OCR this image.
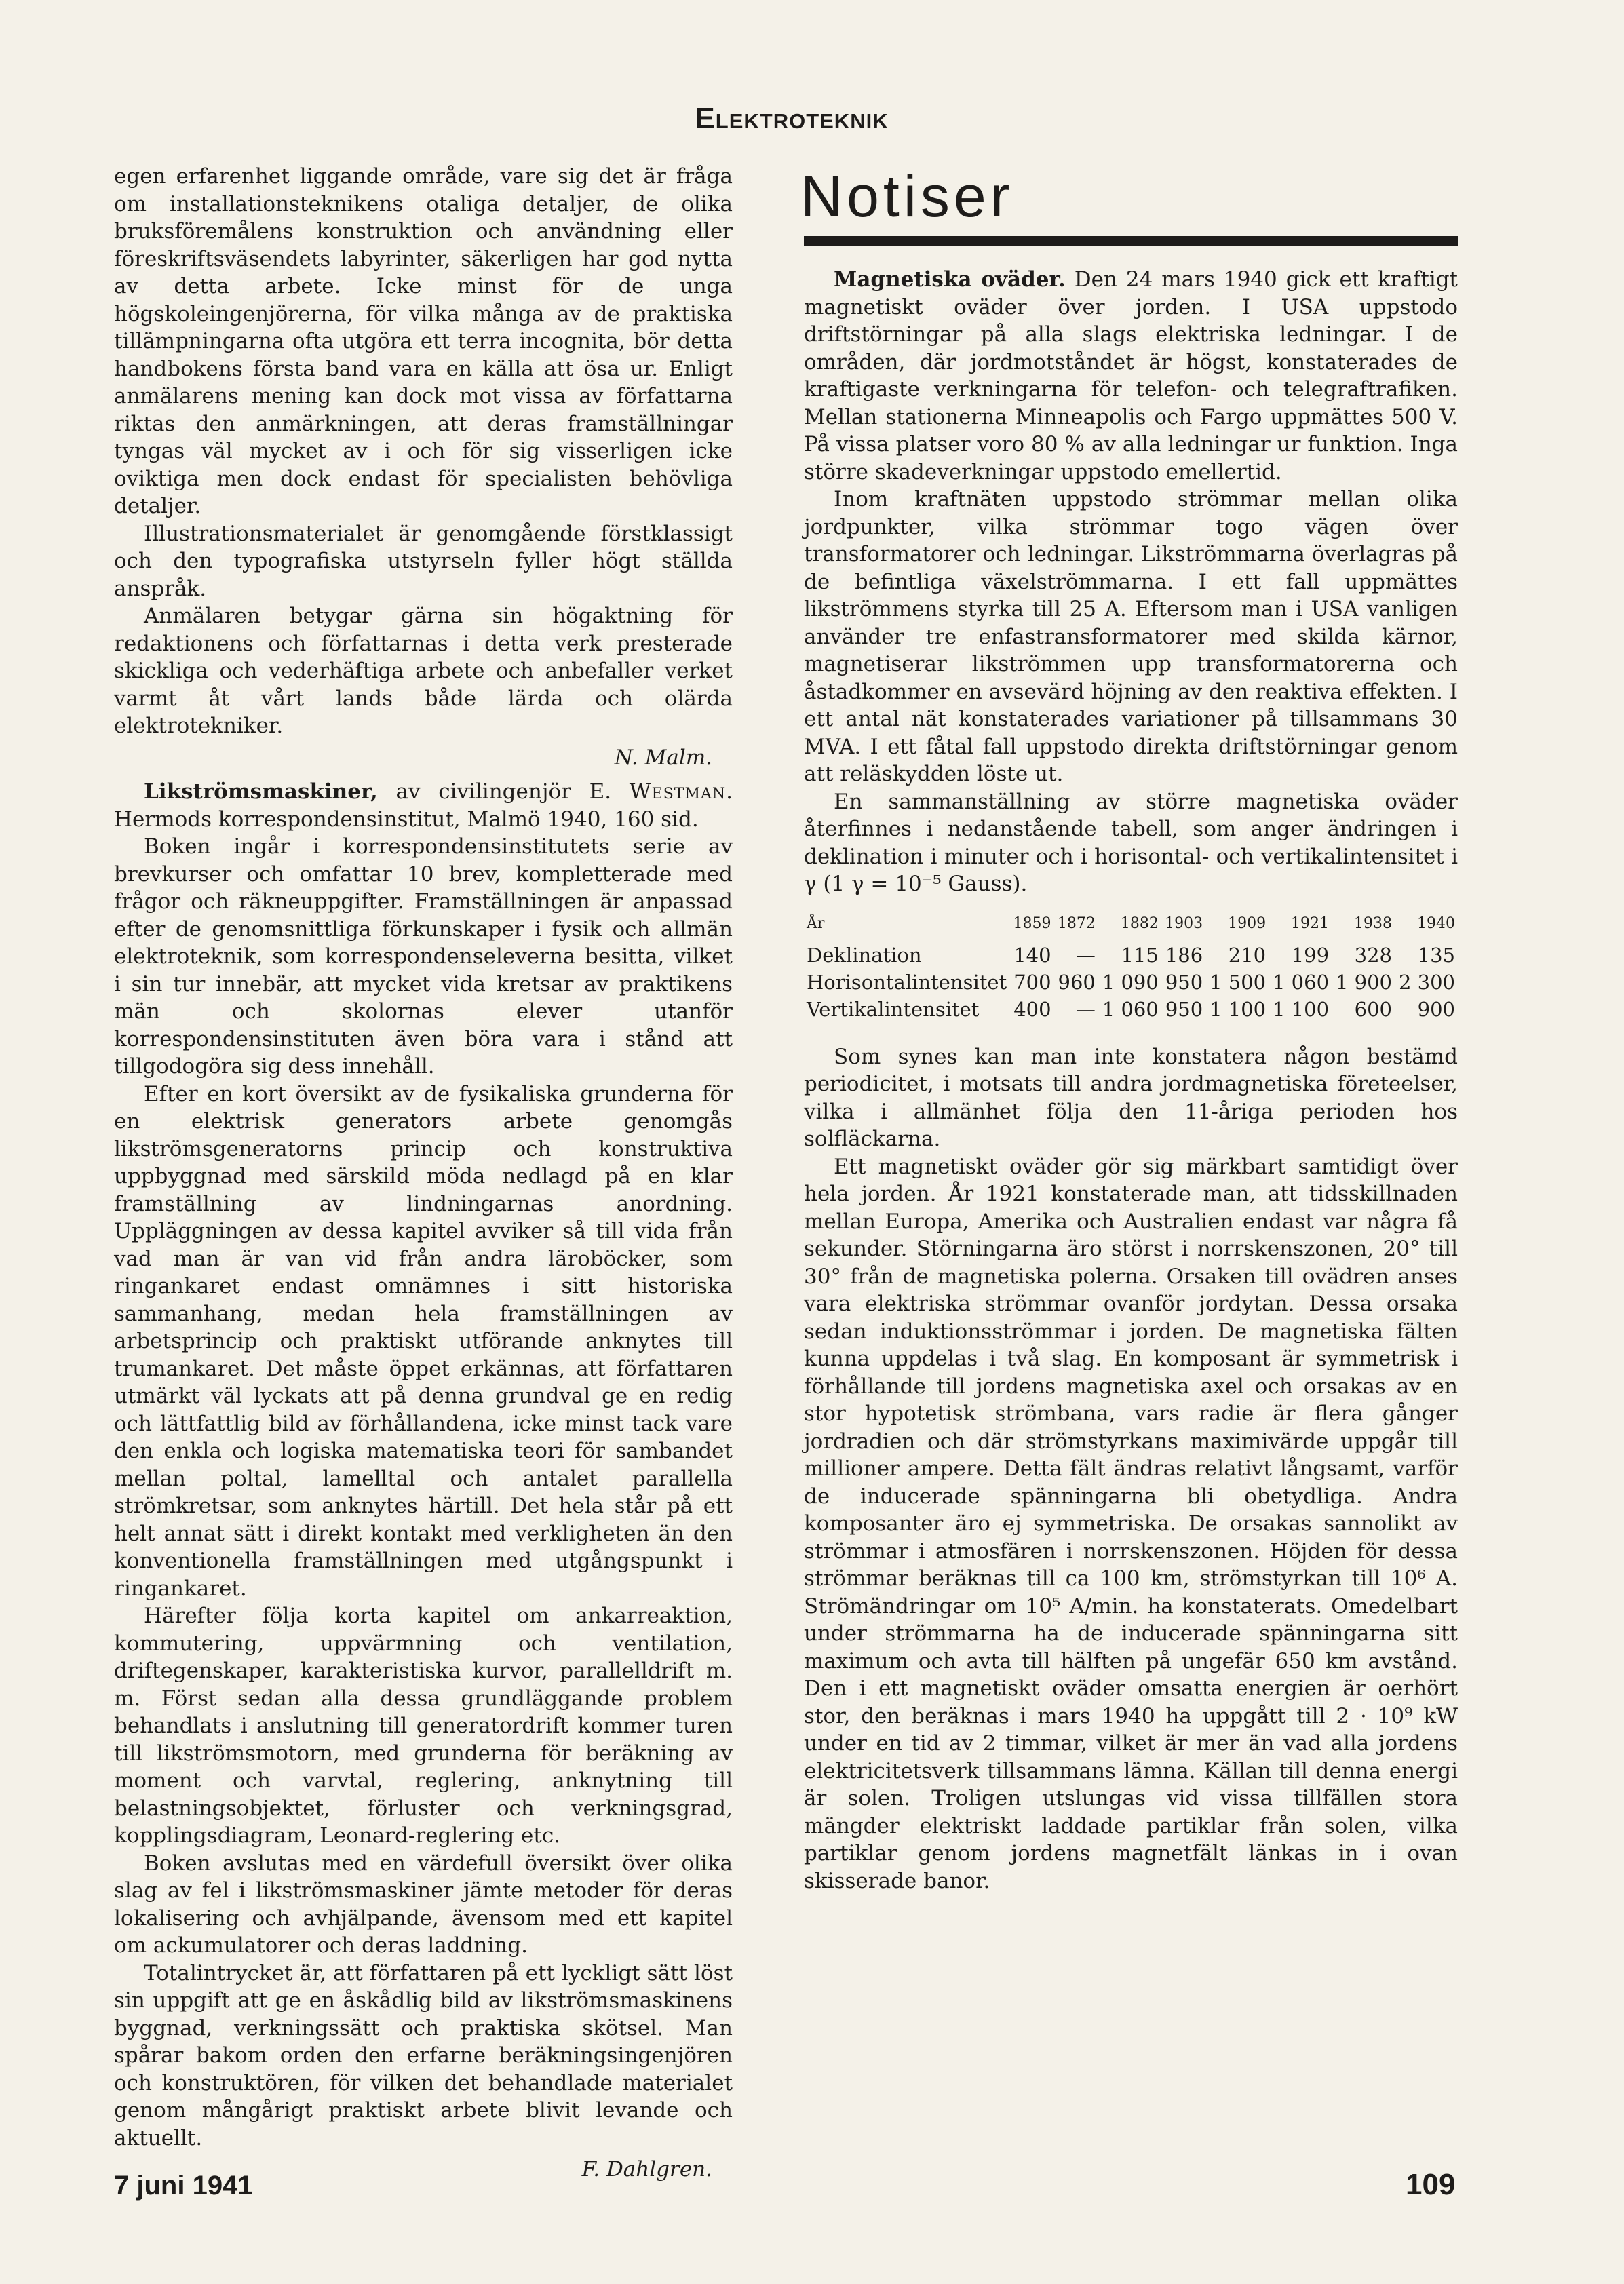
Elektroteknik

egen erfarenhet liggande område, vare sig det är fråga om installationsteknikens otaliga detaljer, de olika bruksföremålens konstruktion och användning eller föreskriftsväsendets labyrinter, säkerligen har god nytta av detta arbete. Icke minst för de unga högskoleingenjörerna, för vilka många av de praktiska tillämpningarna ofta utgöra ett terra incognita, bör detta handbokens första band vara en källa att ösa ur. Enligt anmälarens mening kan dock mot vissa av författarna riktas den anmärkningen, att deras framställningar tyngas väl mycket av i och för sig visserligen icke oviktiga men dock endast för specialisten behövliga detaljer.

Illustrationsmaterialet är genomgående förstklassigt och den typografiska utstyrseln fyller högt ställda anspråk.

Anmälaren betygar gärna sin högaktning för redaktionens och författarnas i detta verk presterade skickliga och vederhäftiga arbete och anbefaller verket varmt åt vårt lands både lärda och olärda elektrotekniker.

N. Malm.

Likströmsmaskiner, av civilingenjör E. Westman. Hermods korrespondensinstitut, Malmö 1940, 160 sid.

Boken ingår i korrespondensinstitutets serie av brevkurser och omfattar 10 brev, kompletterade med frågor och räkneuppgifter. Framställningen är anpassad efter de genomsnittliga förkunskaper i fysik och allmän elektroteknik, som korrespondenseleverna besitta, vilket i sin tur innebär, att mycket vida kretsar av praktikens män och skolornas elever utanför korrespondensinstituten även böra vara i stånd att tillgodogöra sig dess innehåll.

Efter en kort översikt av de fysikaliska grunderna för en elektrisk generators arbete genomgås likströmsgeneratorns princip och konstruktiva uppbyggnad med särskild möda nedlagd på en klar framställning av lindningarnas anordning. Uppläggningen av dessa kapitel avviker så till vida från vad man är van vid från andra läroböcker, som ringankaret endast omnämnes i sitt historiska sammanhang, medan hela framställningen av arbetsprincip och praktiskt utförande anknytes till trumankaret. Det måste öppet erkännas, att författaren utmärkt väl lyckats att på denna grundval ge en redig och lättfattlig bild av förhållandena, icke minst tack vare den enkla och logiska matematiska teori för sambandet mellan poltal, lamelltal och antalet parallella strömkretsar, som anknytes härtill. Det hela står på ett helt annat sätt i direkt kontakt med verkligheten än den konventionella framställningen med utgångspunkt i ringankaret.

Härefter följa korta kapitel om ankarreaktion, kommutering, uppvärmning och ventilation, driftegenskaper, karakteristiska kurvor, parallelldrift m. m. Först sedan alla dessa grundläggande problem behandlats i anslutning till generatordrift kommer turen till likströmsmotorn, med grunderna för beräkning av moment och varvtal, reglering, anknytning till belastningsobjektet, förluster och verkningsgrad, kopplingsdiagram, Leonard-reglering etc.

Boken avslutas med en värdefull översikt över olika slag av fel i likströmsmaskiner jämte metoder för deras lokalisering och avhjälpande, ävensom med ett kapitel om ackumulatorer och deras laddning.

Totalintrycket är, att författaren på ett lyckligt sätt löst sin uppgift att ge en åskådlig bild av likströmsmaskinens byggnad, verkningssätt och praktiska skötsel. Man spårar bakom orden den erfarne beräkningsingenjören och konstruktören, för vilken det behandlade materialet genom mångårigt praktiskt arbete blivit levande och aktuellt.

F. Dahlgren.
Notiser

Magnetiska oväder. Den 24 mars 1940 gick ett kraftigt magnetiskt oväder över jorden. I USA uppstodo driftstörningar på alla slags elektriska ledningar. I de områden, där jordmotståndet är högst, konstaterades de kraftigaste verkningarna för telefon- och telegraftrafiken. Mellan stationerna Minneapolis och Fargo uppmättes 500 V. På vissa platser voro 80 % av alla ledningar ur funktion. Inga större skadeverkningar uppstodo emellertid.

Inom kraftnäten uppstodo strömmar mellan olika jordpunkter, vilka strömmar togo vägen över transformatorer och ledningar. Likströmmarna överlagras på de befintliga växelströmmarna. I ett fall uppmättes likströmmens styrka till 25 A. Eftersom man i USA vanligen använder tre enfastransformatorer med skilda kärnor, magnetiserar likströmmen upp transformatorerna och åstadkommer en avsevärd höjning av den reaktiva effekten. I ett antal nät konstaterades variationer på tillsammans 30 MVA. I ett fåtal fall uppstodo direkta driftstörningar genom att reläskydden löste ut.

En sammanställning av större magnetiska oväder återfinnes i nedanstående tabell, som anger ändringen i deklination i minuter och i horisontal- och vertikalintensitet i γ (1 γ = 10⁻⁵ Gauss).

År	1859	1872	1882	1903	1909	1921	1938	1940
Deklination	140	—	115	186	210	199	328	135
Horisontalintensitet	700	960	1 090	950	1 500	1 060	1 900	2 300
Vertikalintensitet	400	—	1 060	950	1 100	1 100	600	900

Som synes kan man inte konstatera någon bestämd periodicitet, i motsats till andra jordmagnetiska företeelser, vilka i allmänhet följa den 11-åriga perioden hos solfläckarna.

Ett magnetiskt oväder gör sig märkbart samtidigt över hela jorden. År 1921 konstaterade man, att tidsskillnaden mellan Europa, Amerika och Australien endast var några få sekunder. Störningarna äro störst i norrskenszonen, 20° till 30° från de magnetiska polerna. Orsaken till ovädren anses vara elektriska strömmar ovanför jordytan. Dessa orsaka sedan induktionsströmmar i jorden. De magnetiska fälten kunna uppdelas i två slag. En komposant är symmetrisk i förhållande till jordens magnetiska axel och orsakas av en stor hypotetisk strömbana, vars radie är flera gånger jordradien och där strömstyrkans maximivärde uppgår till millioner ampere. Detta fält ändras relativt långsamt, varför de inducerade spänningarna bli obetydliga. Andra komposanter äro ej symmetriska. De orsakas sannolikt av strömmar i atmosfären i norrskenszonen. Höjden för dessa strömmar beräknas till ca 100 km, strömstyrkan till 10⁶ A. Strömändringar om 10⁵ A/min. ha konstaterats. Omedelbart under strömmarna ha de inducerade spänningarna sitt maximum och avta till hälften på ungefär 650 km avstånd. Den i ett magnetiskt oväder omsatta energien är oerhört stor, den beräknas i mars 1940 ha uppgått till 2 · 10⁹ kW under en tid av 2 timmar, vilket är mer än vad alla jordens elektricitetsverk tillsammans lämna. Källan till denna energi är solen. Troligen utslungas vid vissa tillfällen stora mängder elektriskt laddade partiklar från solen, vilka partiklar genom jordens magnetfält länkas in i ovan skisserade banor.

7 juni 1941	109
